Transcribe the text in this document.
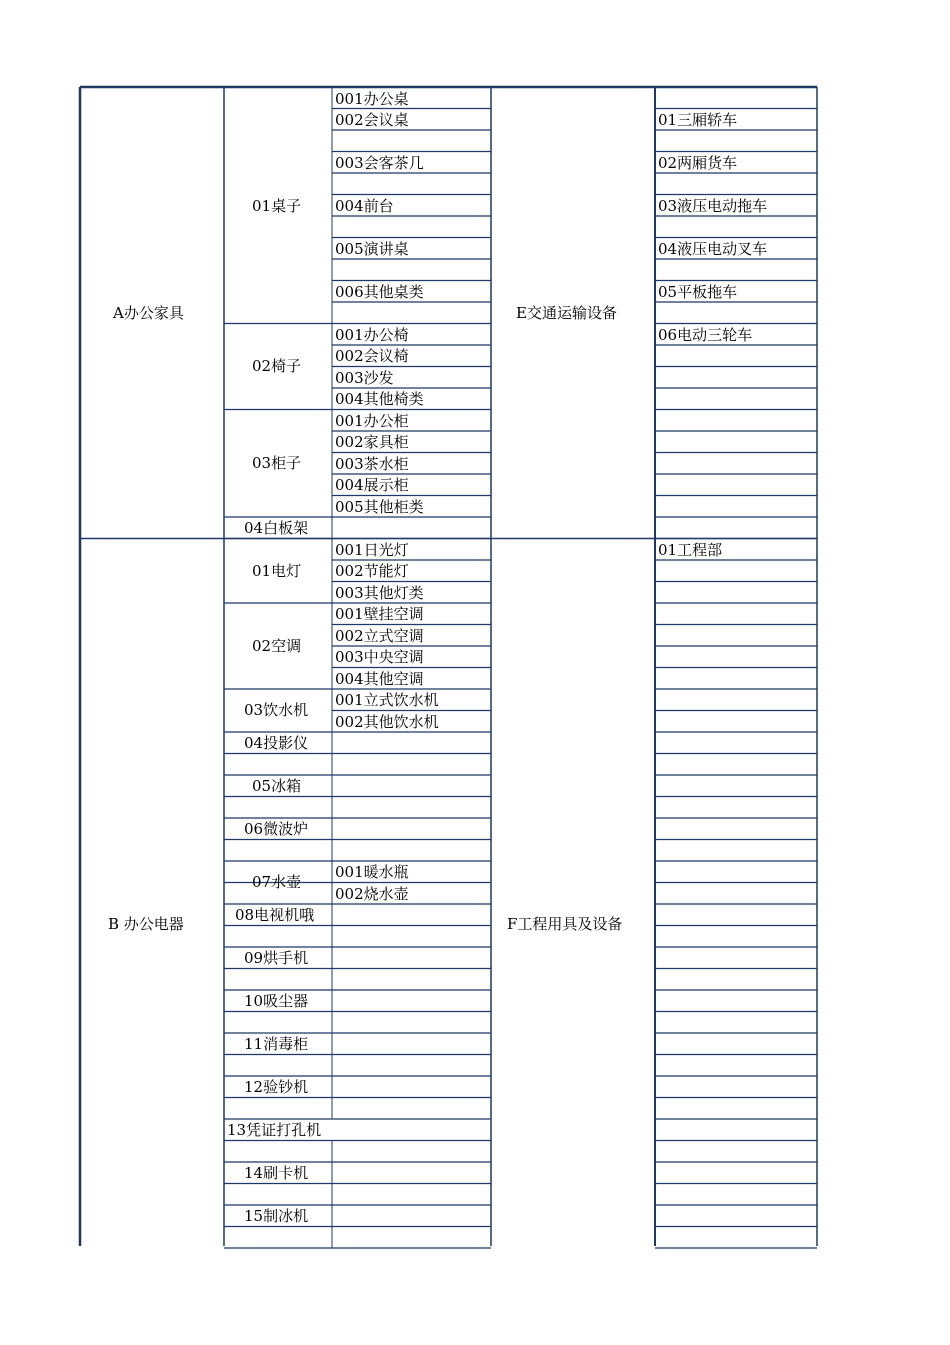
A办公家具
B 办公电器
01桌子
02椅子
03柜子
04白板架
01电灯
02空调
03饮水机
04投影仪
05冰箱
06微波炉
07水壶
08电视机哦
09烘手机
10吸尘器
11消毒柜
12验钞机
13凭证打孔机
14刷卡机
15制冰机
001办公桌
002会议桌
003会客茶几
004前台
005演讲桌
006其他桌类
001办公椅
002会议椅
003沙发
004其他椅类
001办公柜
002家具柜
003茶水柜
004展示柜
005其他柜类
001日光灯
002节能灯
003其他灯类
001壁挂空调
002立式空调
003中央空调
004其他空调
001立式饮水机
002其他饮水机
001暖水瓶
002烧水壶
E交通运输设备
F工程用具及设备
01三厢轿车
02两厢货车
03液压电动拖车
04液压电动叉车
05平板拖车
06电动三轮车
01工程部
